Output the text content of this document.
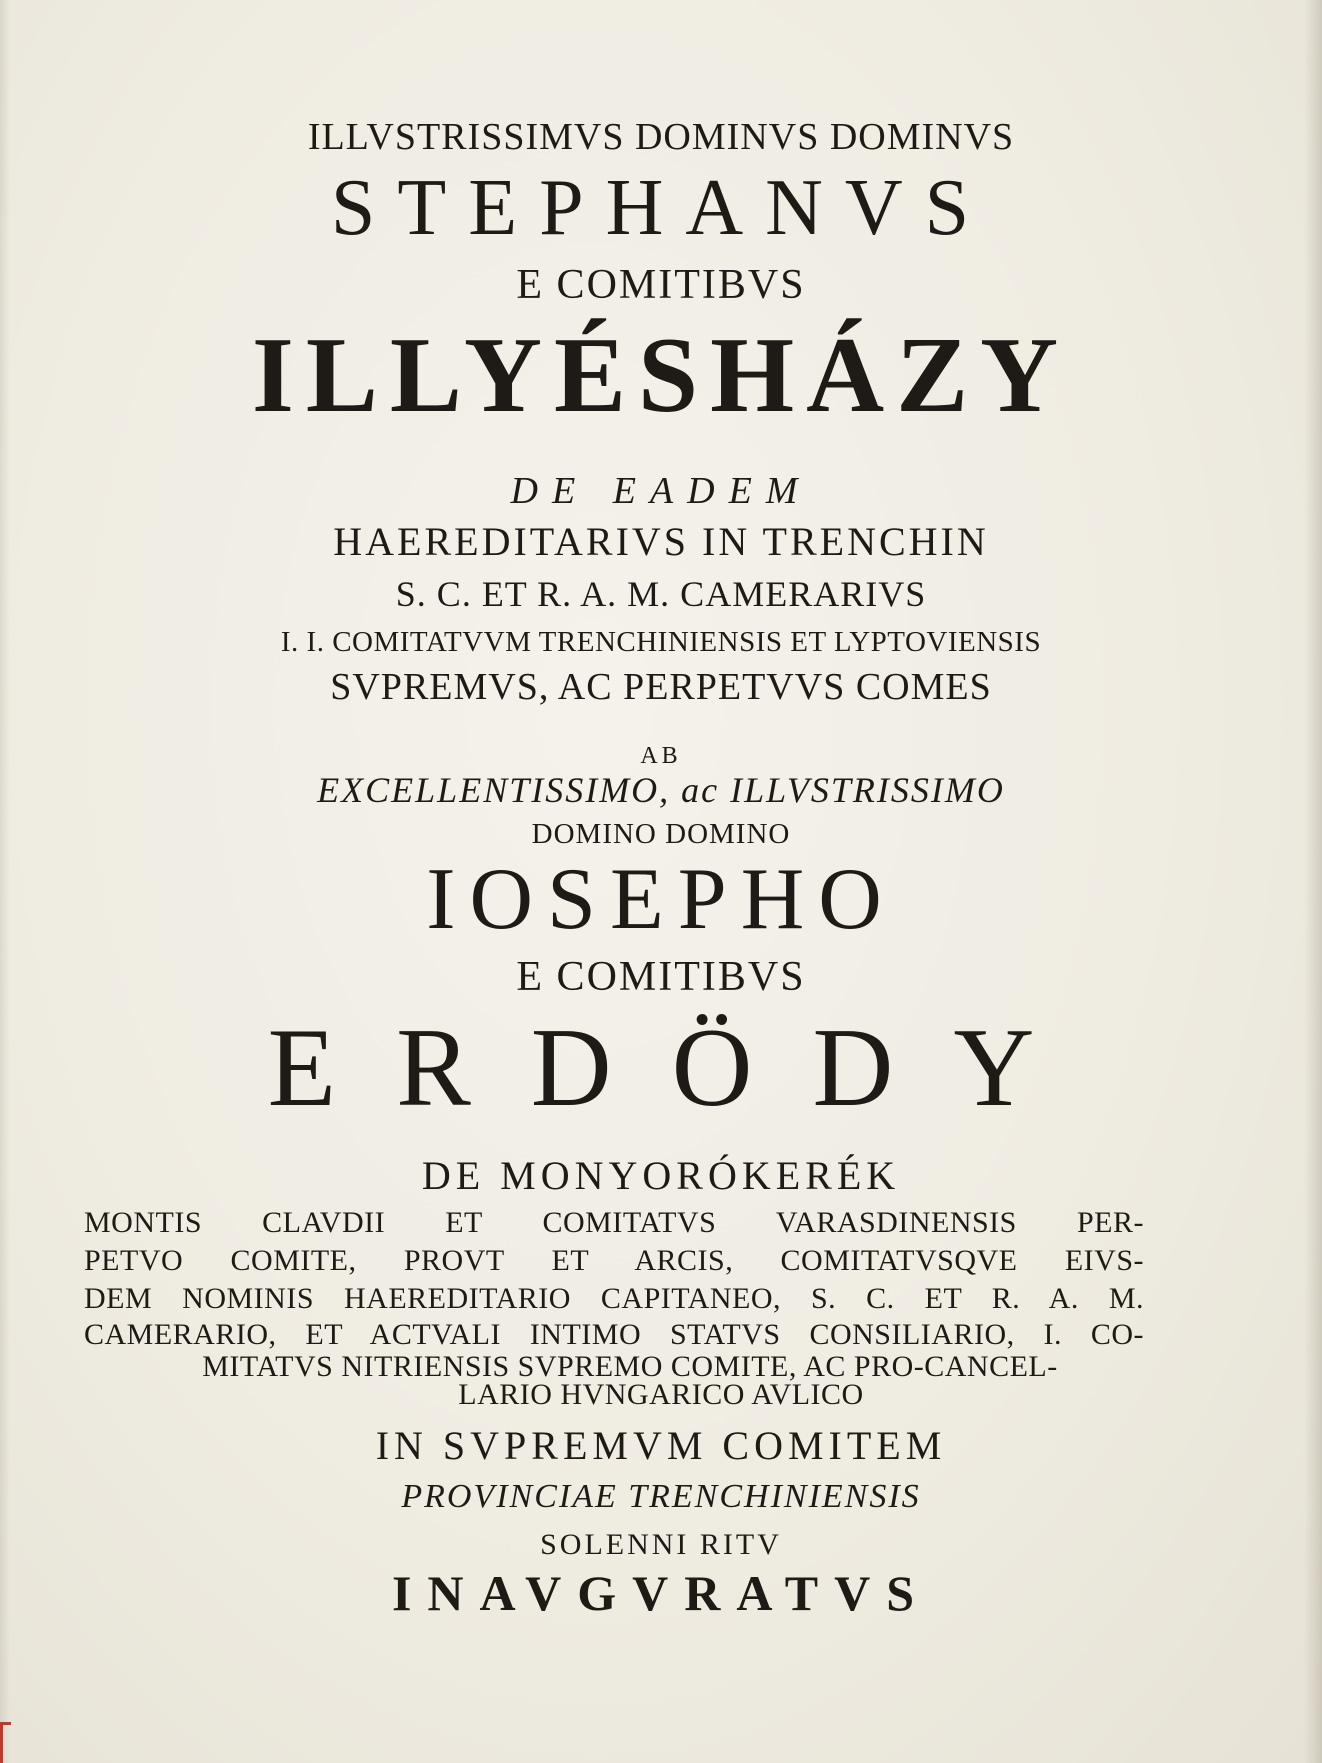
ILLVSTRISSIMVS DOMINVS DOMINVS
STEPHANVS
E COMITIBVS
ILLYÉSHÁZY
DE EADEM
HAEREDITARIVS IN TRENCHIN
S. C. ET R. A. M. CAMERARIVS
I. I. COMITATVVM TRENCHINIENSIS ET LYPTOVIENSIS
SVPREMVS, AC PERPETVVS COMES
AB
EXCELLENTISSIMO, ac ILLVSTRISSIMO
DOMINO DOMINO
IOSEPHO
E COMITIBVS
ERDÖDY
DE MONYORÓKERÉK
MONTIS CLAVDII ET COMITATVS VARASDINENSIS PER-
PETVO COMITE, PROVT ET ARCIS, COMITATVSQVE EIVS-
DEM NOMINIS HAEREDITARIO CAPITANEO, S. C. ET R. A. M.
CAMERARIO, ET ACTVALI INTIMO STATVS CONSILIARIO, I. CO-
MITATVS NITRIENSIS SVPREMO COMITE, AC PRO-CANCEL-
LARIO HVNGARICO AVLICO
IN SVPREMVM COMITEM
PROVINCIAE TRENCHINIENSIS
SOLENNI RITV
INAVGVRATVS
